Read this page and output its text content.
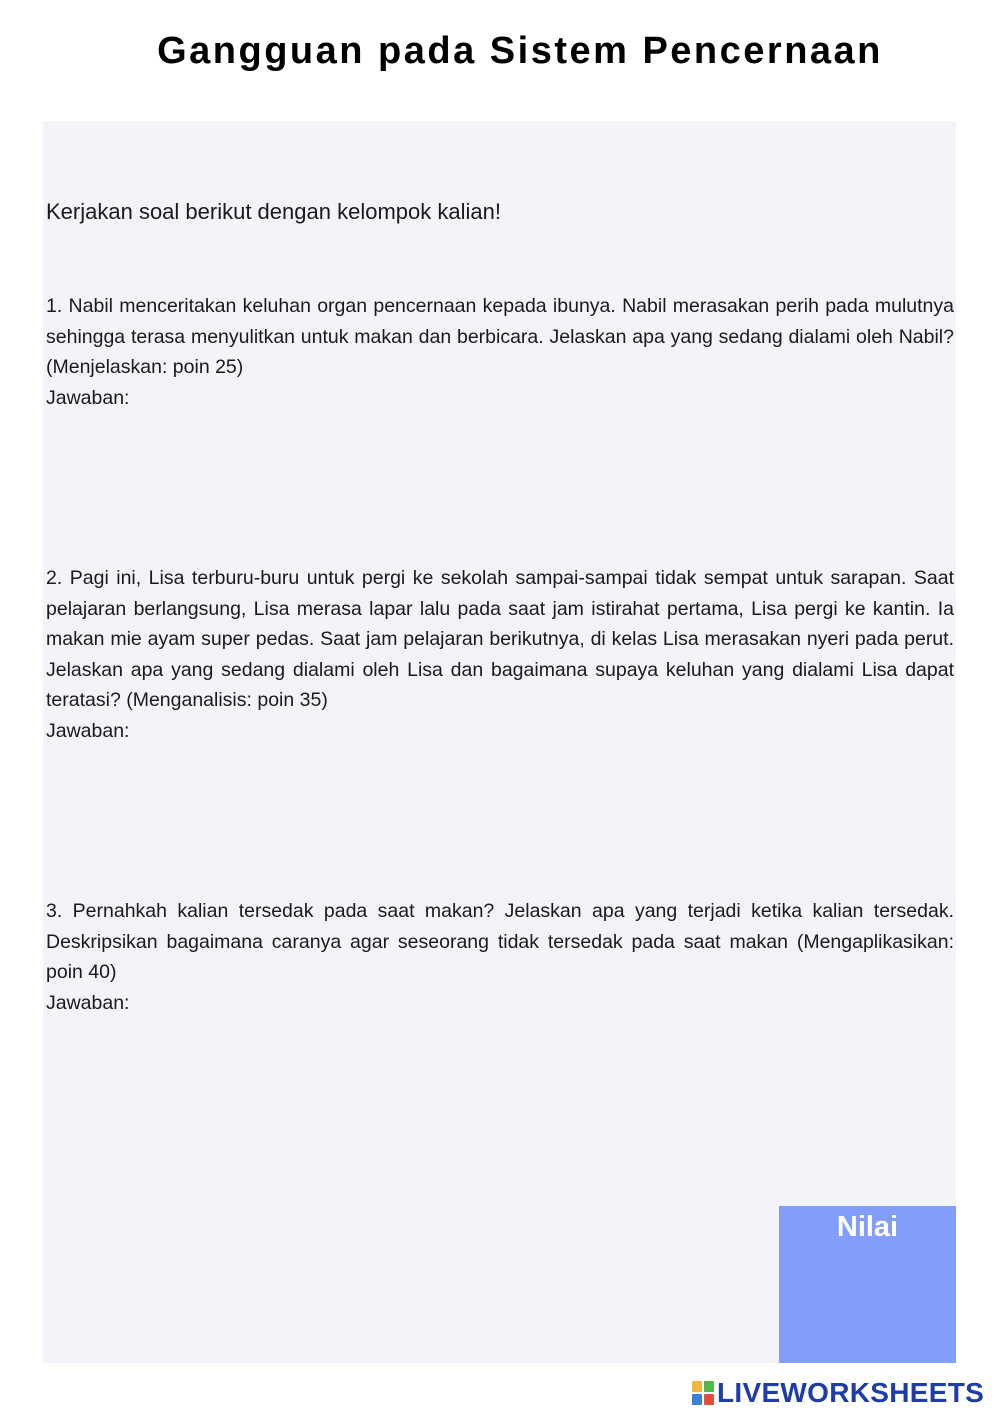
Gangguan pada Sistem Pencernaan
Kerjakan soal berikut dengan kelompok kalian!

1. Nabil menceritakan keluhan organ pencernaan kepada ibunya. Nabil merasakan perih pada mulutnya sehingga terasa menyulitkan untuk makan dan berbicara. Jelaskan apa yang sedang dialami oleh Nabil? (Menjelaskan: poin 25)

Jawaban:

2. Pagi ini, Lisa terburu-buru untuk pergi ke sekolah sampai-sampai tidak sempat untuk sarapan. Saat pelajaran berlangsung, Lisa merasa lapar lalu pada saat jam istirahat pertama, Lisa pergi ke kantin. Ia makan mie ayam super pedas. Saat jam pelajaran berikutnya, di kelas Lisa merasakan nyeri pada perut. Jelaskan apa yang sedang dialami oleh Lisa dan bagaimana supaya keluhan yang dialami Lisa dapat teratasi? (Menganalisis: poin 35)

Jawaban:

3. Pernahkah kalian tersedak pada saat makan? Jelaskan apa yang terjadi ketika kalian tersedak. Deskripsikan bagaimana caranya agar seseorang tidak tersedak pada saat makan (Mengaplikasikan: poin 40)

Jawaban:
Nilai
LIVEWORKSHEETS
